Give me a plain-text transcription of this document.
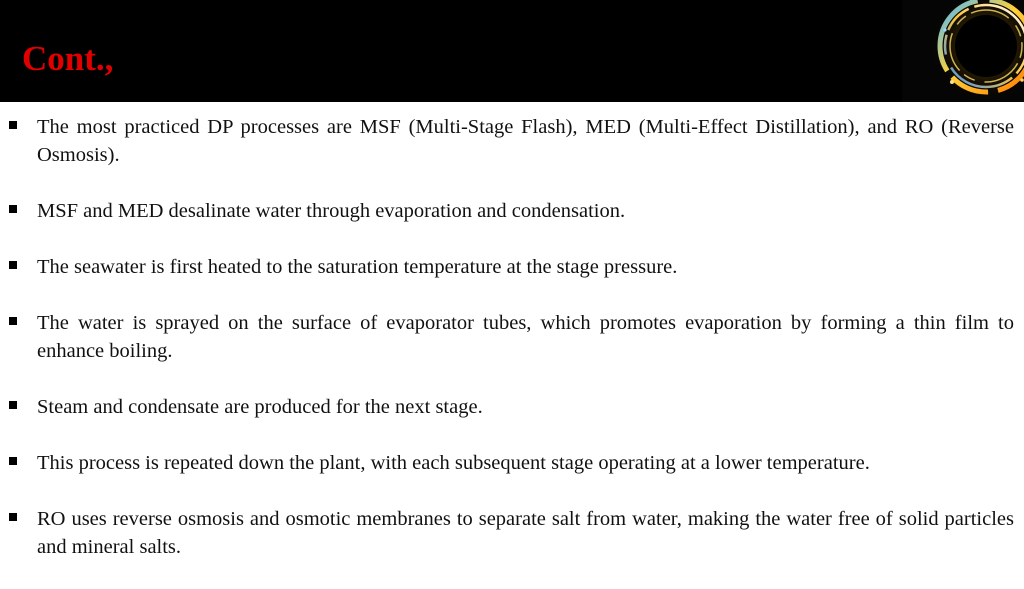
Cont.,
The most practiced DP processes are MSF (Multi-Stage Flash), MED (Multi-Effect Distillation), and RO (Reverse Osmosis).
MSF and MED desalinate water through evaporation and condensation.
The seawater is first heated to the saturation temperature at the stage pressure.
The water is sprayed on the surface of evaporator tubes, which promotes evaporation by forming a thin film to enhance boiling.
Steam and condensate are produced for the next stage.
This process is repeated down the plant, with each subsequent stage operating at a lower temperature.
RO uses reverse osmosis and osmotic membranes to separate salt from water, making the water free of solid particles and mineral salts.
